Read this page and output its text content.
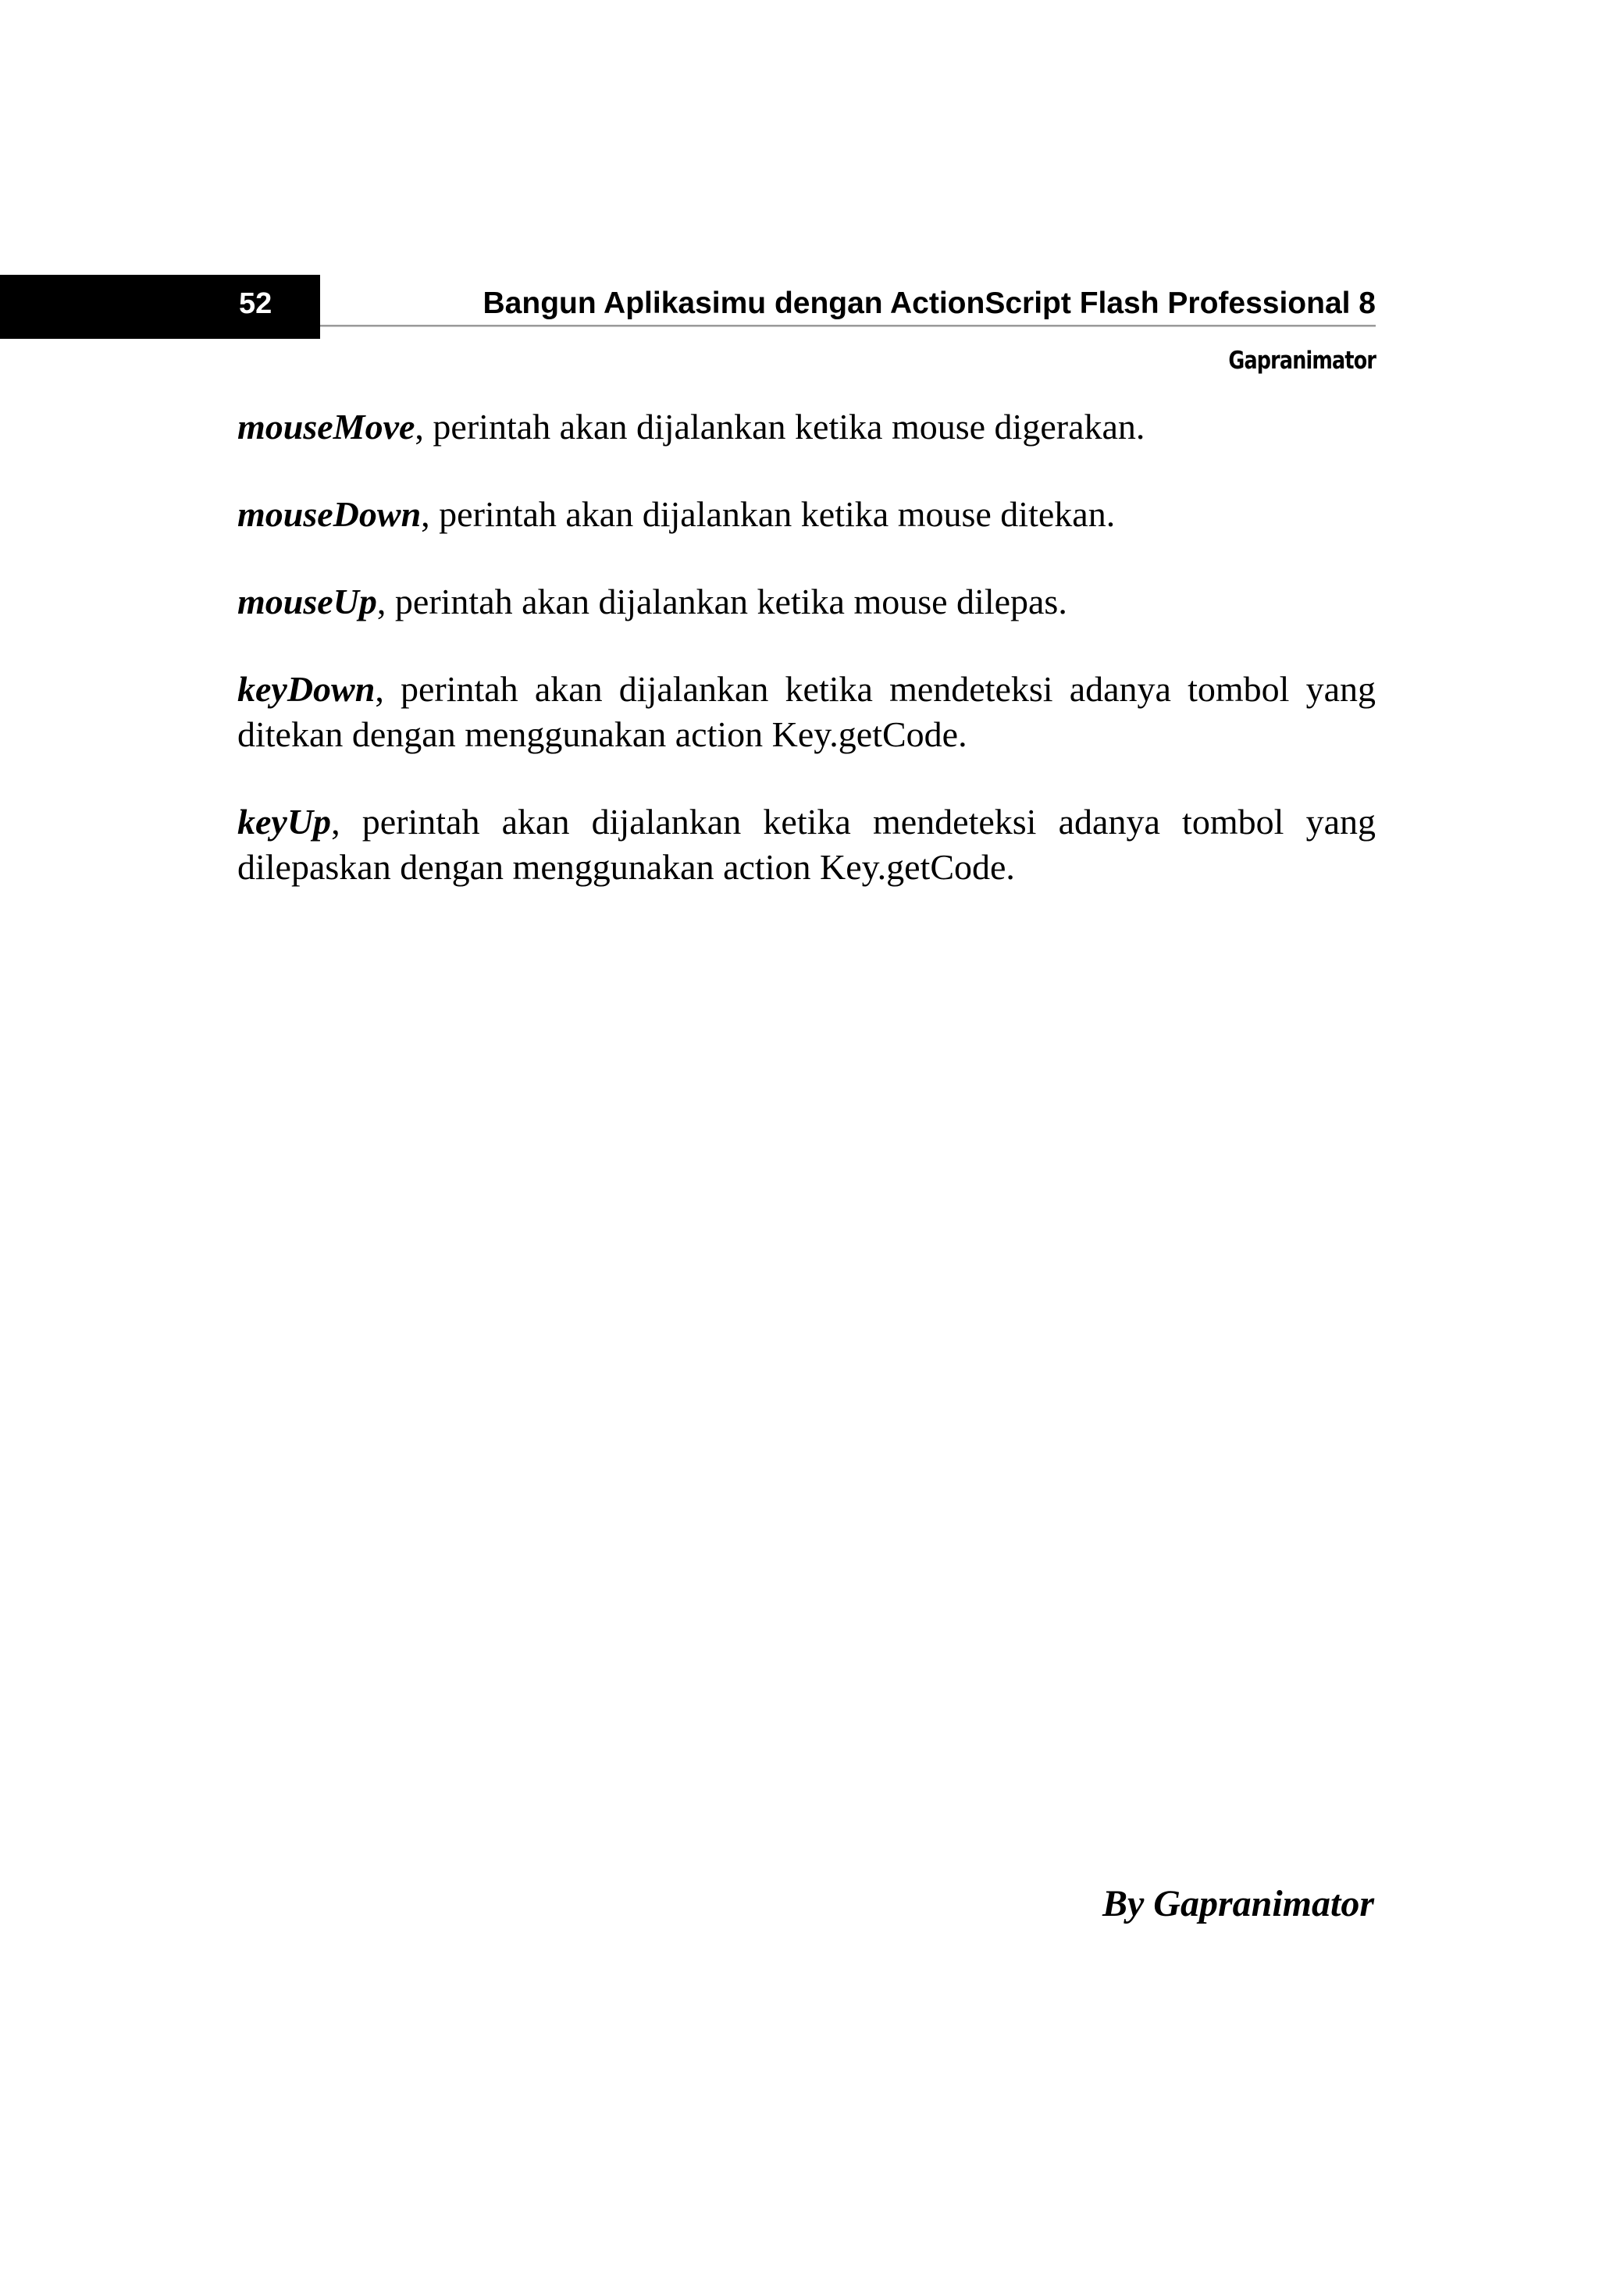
52	Bangun Aplikasimu dengan ActionScript Flash Professional 8
Gapranimator

mouseMove, perintah akan dijalankan ketika mouse digerakan.

mouseDown, perintah akan dijalankan ketika mouse ditekan.

mouseUp, perintah akan dijalankan ketika mouse dilepas.

keyDown, perintah akan dijalankan ketika mendeteksi adanya tombol yang ditekan dengan menggunakan action Key.getCode.

keyUp, perintah akan dijalankan ketika mendeteksi adanya tombol yang dilepaskan dengan menggunakan action Key.getCode.

By Gapranimator
